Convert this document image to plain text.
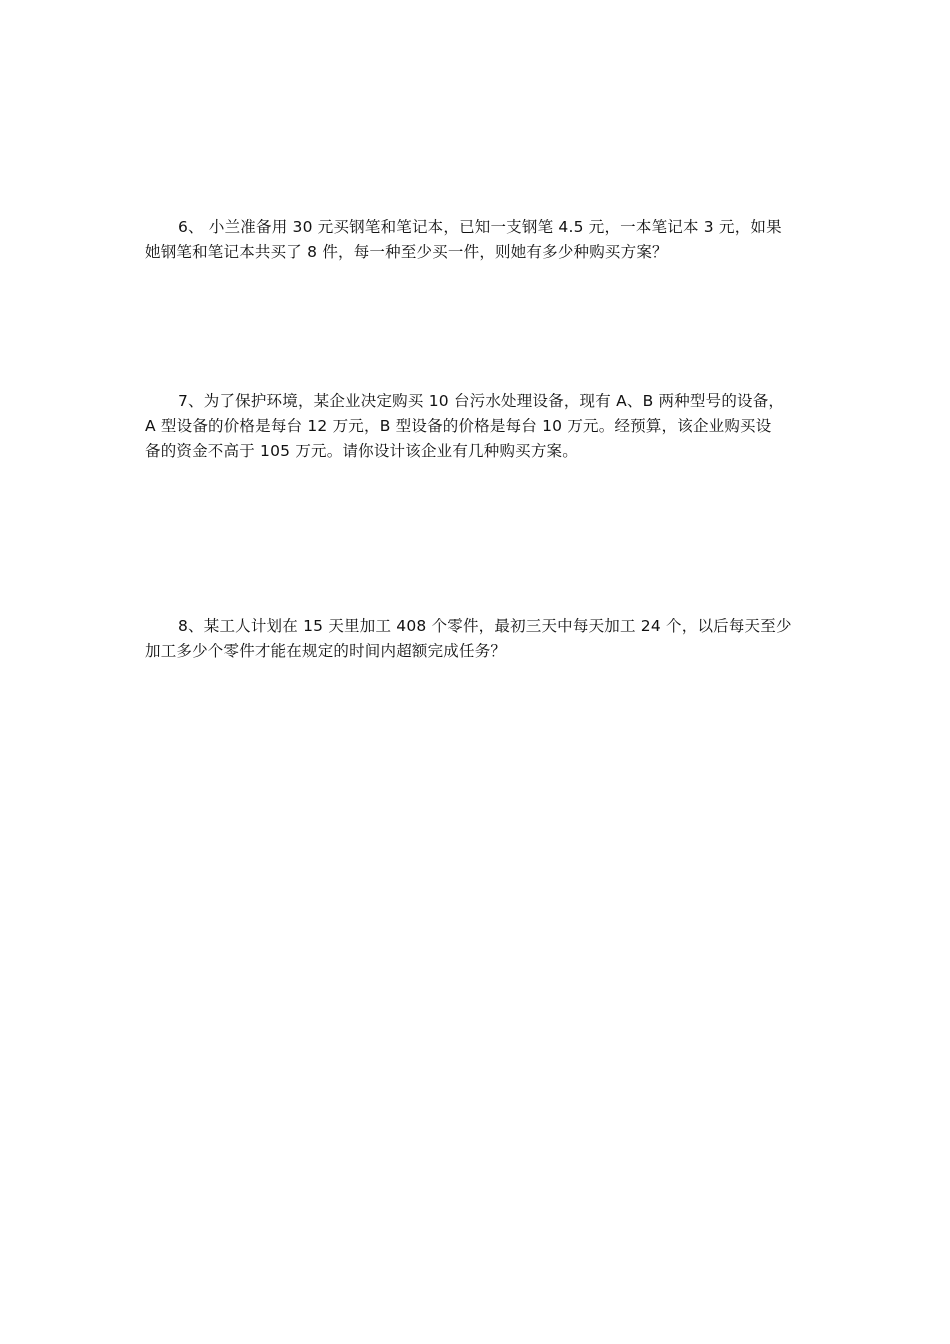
6、 小兰准备用 30 元买钢笔和笔记本，已知一支钢笔 4.5 元，一本笔记本 3 元，如果
她钢笔和笔记本共买了 8 件，每一种至少买一件，则她有多少种购买方案？
7、为了保护环境，某企业决定购买 10 台污水处理设备，现有 A、B 两种型号的设备，
A 型设备的价格是每台 12 万元，B 型设备的价格是每台 10 万元。经预算，该企业购买设
备的资金不高于 105 万元。请你设计该企业有几种购买方案。
8、某工人计划在 15 天里加工 408 个零件，最初三天中每天加工 24 个，以后每天至少
加工多少个零件才能在规定的时间内超额完成任务？
